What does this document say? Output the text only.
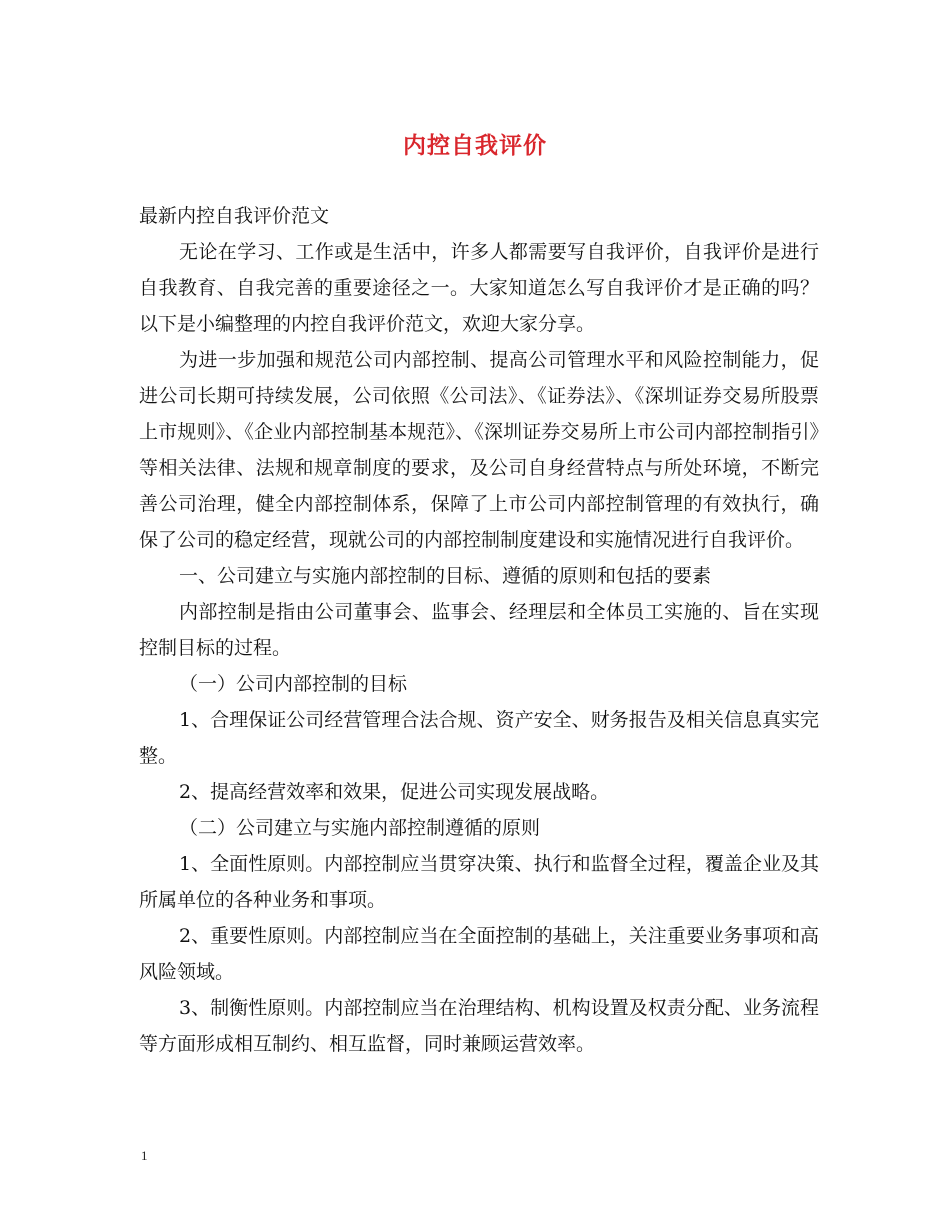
内控自我评价

最新内控自我评价范文

无论在学习、工作或是生活中，许多人都需要写自我评价，自我评价是进行自我教育、自我完善的重要途径之一。大家知道怎么写自我评价才是正确的吗？以下是小编整理的内控自我评价范文，欢迎大家分享。

为进一步加强和规范公司内部控制、提高公司管理水平和风险控制能力，促进公司长期可持续发展，公司依照《公司法》、《证券法》、《深圳证券交易所股票上市规则》、《企业内部控制基本规范》、《深圳证券交易所上市公司内部控制指引》等相关法律、法规和规章制度的要求，及公司自身经营特点与所处环境，不断完善公司治理，健全内部控制体系，保障了上市公司内部控制管理的有效执行，确保了公司的稳定经营，现就公司的内部控制制度建设和实施情况进行自我评价。

一、公司建立与实施内部控制的目标、遵循的原则和包括的要素

内部控制是指由公司董事会、监事会、经理层和全体员工实施的、旨在实现控制目标的过程。

（一）公司内部控制的目标

1、合理保证公司经营管理合法合规、资产安全、财务报告及相关信息真实完整。

2、提高经营效率和效果，促进公司实现发展战略。

（二）公司建立与实施内部控制遵循的原则

1、全面性原则。内部控制应当贯穿决策、执行和监督全过程，覆盖企业及其所属单位的各种业务和事项。

2、重要性原则。内部控制应当在全面控制的基础上，关注重要业务事项和高风险领域。

3、制衡性原则。内部控制应当在治理结构、机构设置及权责分配、业务流程等方面形成相互制约、相互监督，同时兼顾运营效率。

1
